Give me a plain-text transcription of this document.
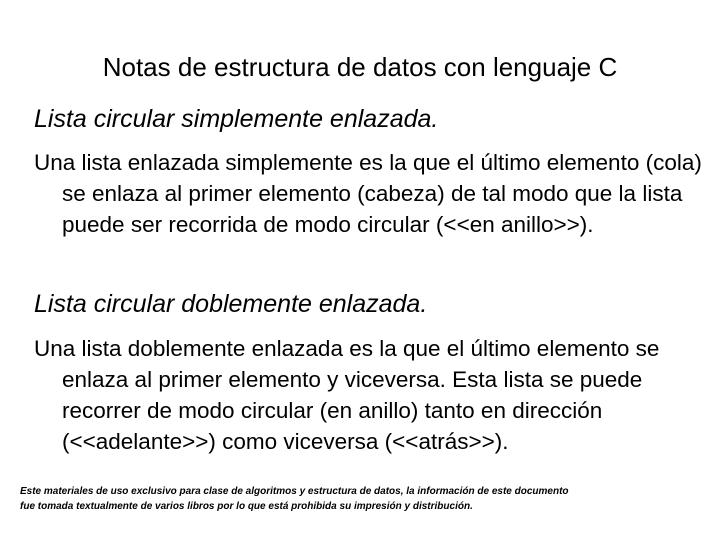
Notas de estructura de datos con lenguaje C
Lista circular simplemente enlazada.
Una lista enlazada simplemente es la que el último elemento (cola) se enlaza al primer elemento (cabeza) de tal modo que la lista puede ser recorrida de modo circular (<<en anillo>>).
Lista circular doblemente enlazada.
Una lista doblemente enlazada es la que el último elemento se enlaza al primer elemento y viceversa. Esta lista se puede recorrer de modo circular (en anillo) tanto en dirección (<<adelante>>) como viceversa (<<atrás>>).
Este materiales de uso exclusivo para clase de algoritmos y estructura de datos, la información de este documento
fue tomada textualmente de varios libros por lo que está prohibida su impresión y distribución.
